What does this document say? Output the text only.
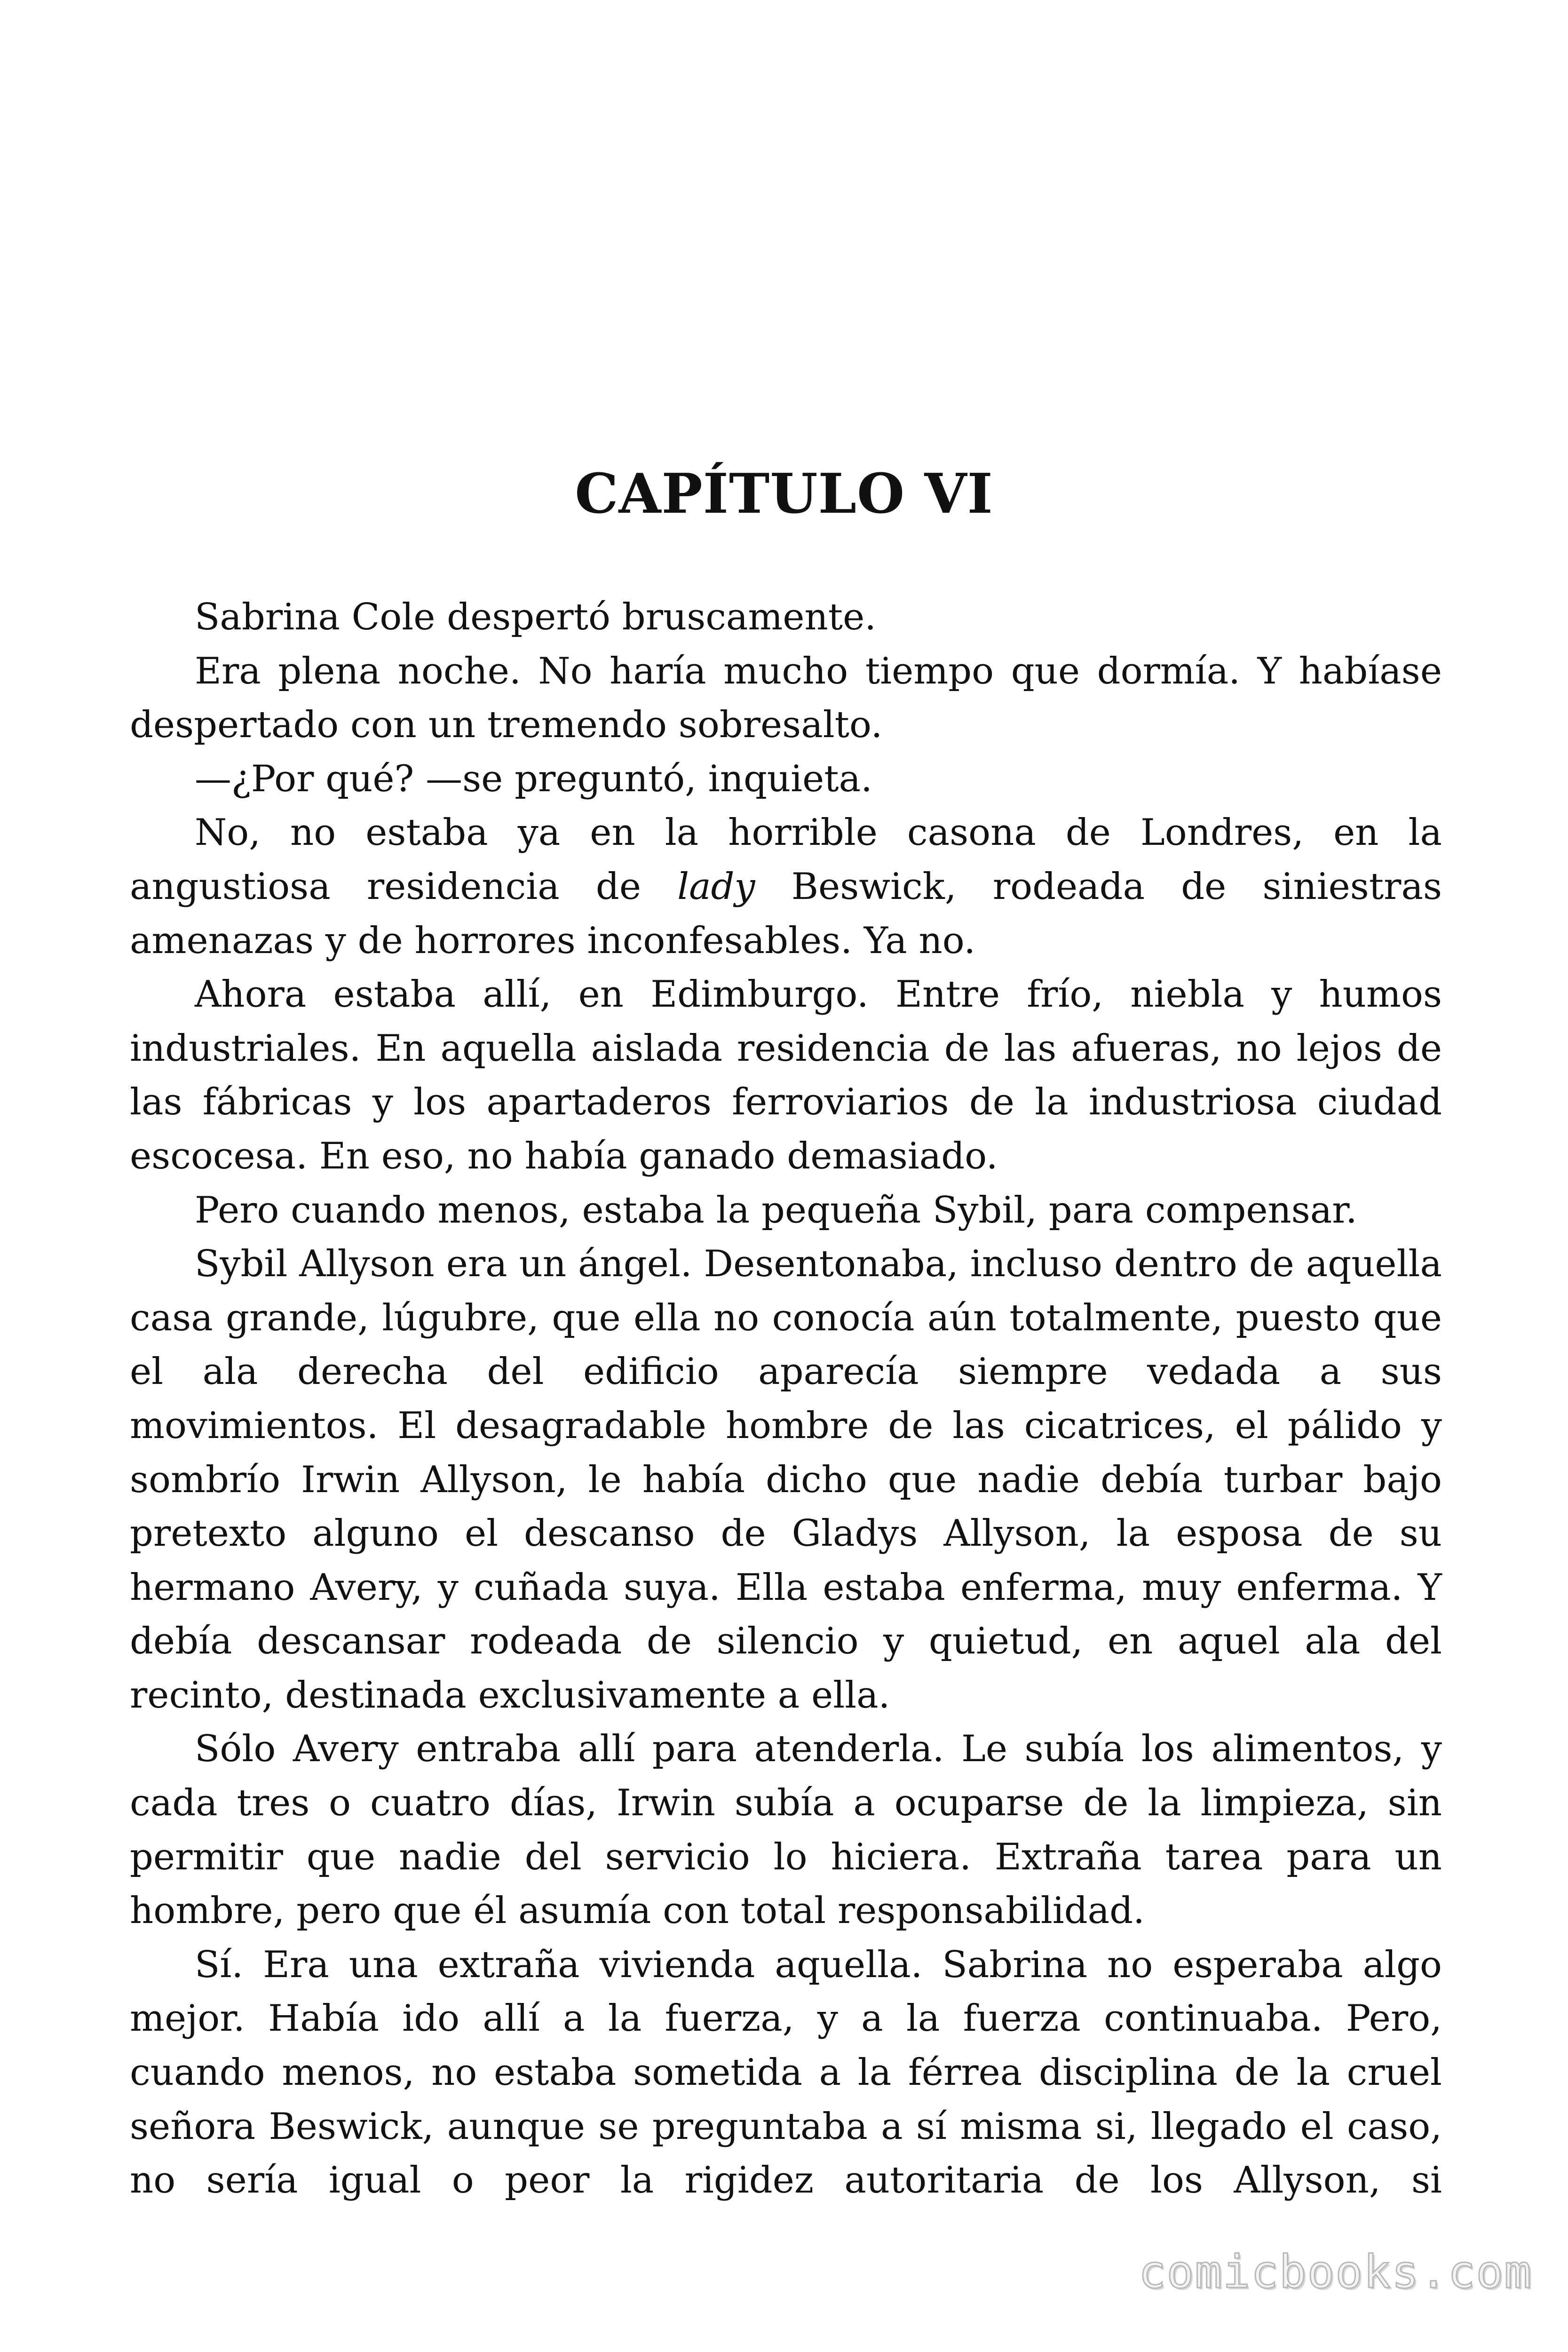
CAPÍTULO VI

Sabrina Cole despertó bruscamente.

Era plena noche. No haría mucho tiempo que dormía. Y habíase despertado con un tremendo sobresalto.

—¿Por qué? —se preguntó, inquieta.

No, no estaba ya en la horrible casona de Londres, en la angustiosa residencia de lady Beswick, rodeada de siniestras amenazas y de horrores inconfesables. Ya no.

Ahora estaba allí, en Edimburgo. Entre frío, niebla y humos industriales. En aquella aislada residencia de las afueras, no lejos de las fábricas y los apartaderos ferroviarios de la industriosa ciudad escocesa. En eso, no había ganado demasiado.

Pero cuando menos, estaba la pequeña Sybil, para compensar.

Sybil Allyson era un ángel. Desentonaba, incluso dentro de aquella casa grande, lúgubre, que ella no conocía aún totalmente, puesto que el ala derecha del edificio aparecía siempre vedada a sus movimientos. El desagradable hombre de las cicatrices, el pálido y sombrío Irwin Allyson, le había dicho que nadie debía turbar bajo pretexto alguno el descanso de Gladys Allyson, la esposa de su hermano Avery, y cuñada suya. Ella estaba enferma, muy enferma. Y debía descansar rodeada de silencio y quietud, en aquel ala del recinto, destinada exclusivamente a ella.

Sólo Avery entraba allí para atenderla. Le subía los alimentos, y cada tres o cuatro días, Irwin subía a ocuparse de la limpieza, sin permitir que nadie del servicio lo hiciera. Extraña tarea para un hombre, pero que él asumía con total responsabilidad.

Sí. Era una extraña vivienda aquella. Sabrina no esperaba algo mejor. Había ido allí a la fuerza, y a la fuerza continuaba. Pero, cuando menos, no estaba sometida a la férrea disciplina de la cruel señora Beswick, aunque se preguntaba a sí misma si, llegado el caso, no sería igual o peor la rigidez autoritaria de los Allyson, si

comicbooks.com
